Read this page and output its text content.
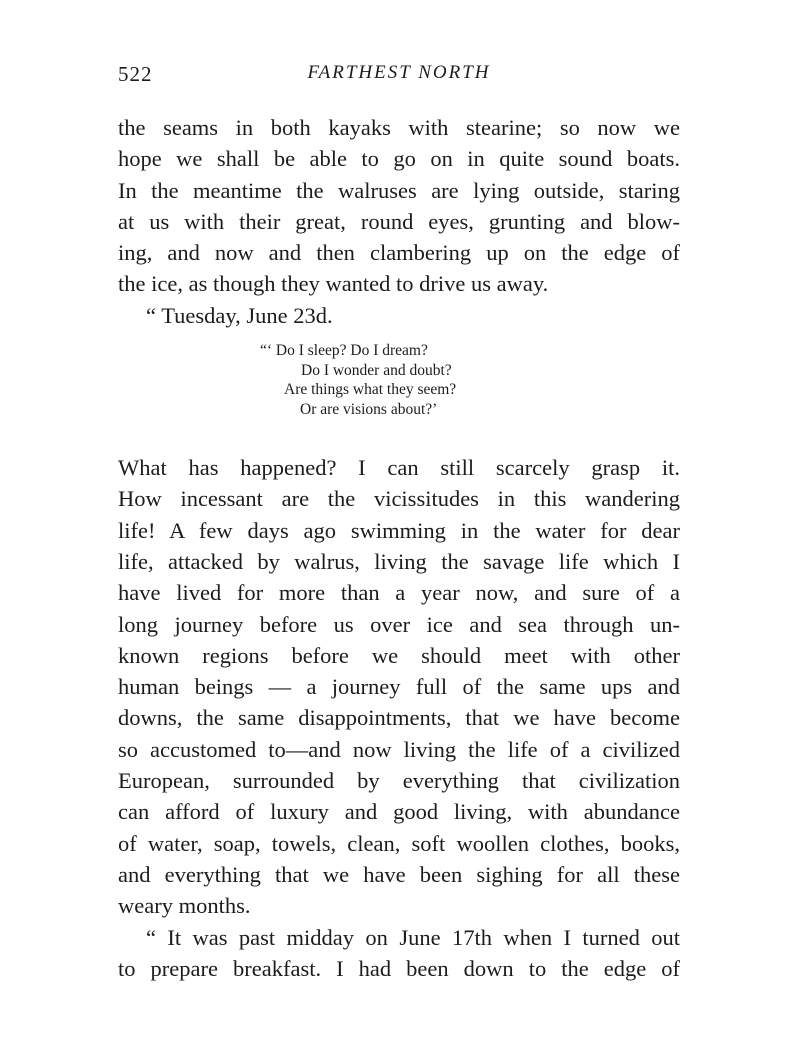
522	FARTHEST NORTH
the seams in both kayaks with stearine; so now we
hope we shall be able to go on in quite sound boats.
In the meantime the walruses are lying outside, staring
at us with their great, round eyes, grunting and blow-
ing, and now and then clambering up on the edge of
the ice, as though they wanted to drive us away.
“ Tuesday, June 23d.
“‘ Do I sleep? Do I dream?
Do I wonder and doubt?
Are things what they seem?
Or are visions about?’
What has happened? I can still scarcely grasp it.
How incessant are the vicissitudes in this wandering
life! A few days ago swimming in the water for dear
life, attacked by walrus, living the savage life which I
have lived for more than a year now, and sure of a
long journey before us over ice and sea through un-
known regions before we should meet with other
human beings — a journey full of the same ups and
downs, the same disappointments, that we have become
so accustomed to—and now living the life of a civilized
European, surrounded by everything that civilization
can afford of luxury and good living, with abundance
of water, soap, towels, clean, soft woollen clothes, books,
and everything that we have been sighing for all these
weary months.
“ It was past midday on June 17th when I turned out
to prepare breakfast. I had been down to the edge of
